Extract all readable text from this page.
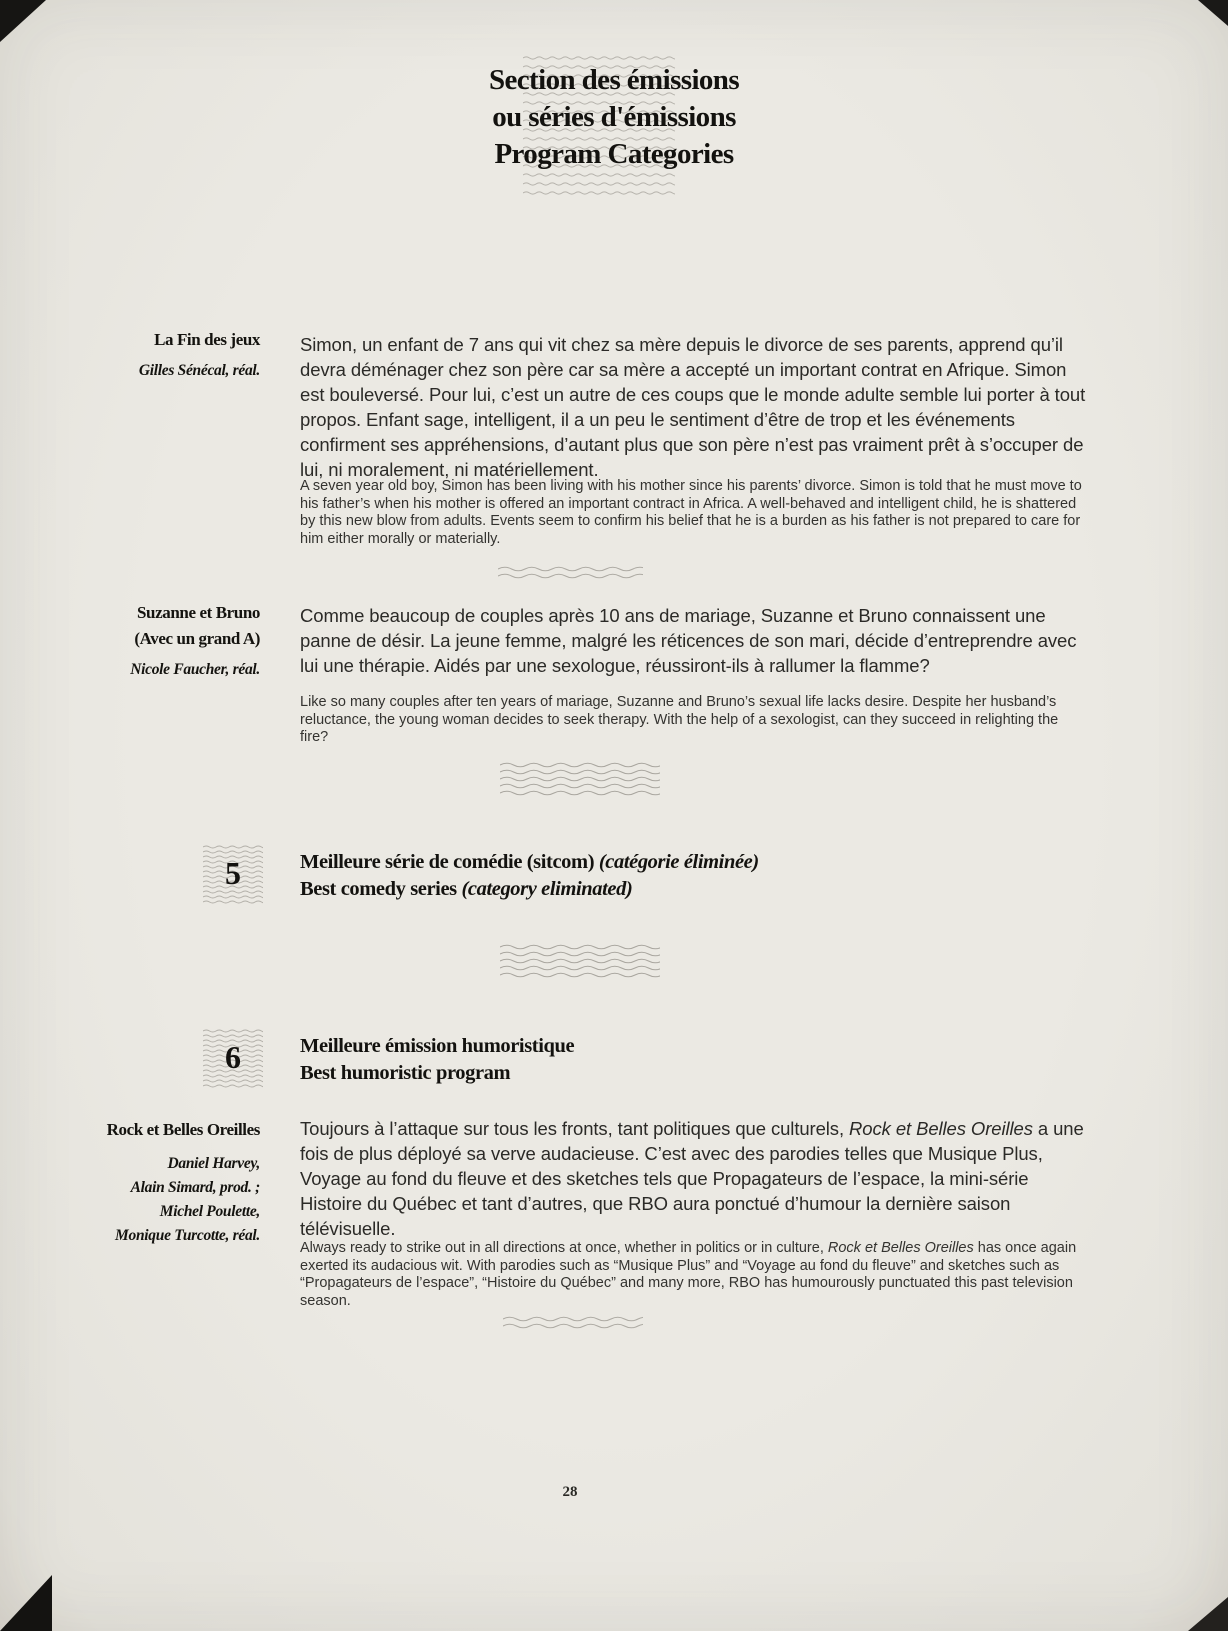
Section des émissions
ou séries d'émissions
Program Categories
La Fin des jeux
Gilles Sénécal, réal.

Simon, un enfant de 7 ans qui vit chez sa mère depuis le divorce de ses parents, apprend qu’il devra déménager chez son père car sa mère a accepté un important contrat en Afrique. Simon est bouleversé. Pour lui, c’est un autre de ces coups que le monde adulte semble lui porter à tout propos. Enfant sage, intelligent, il a un peu le sentiment d’être de trop et les événements confirment ses appréhensions, d’autant plus que son père n’est pas vraiment prêt à s’occuper de lui, ni moralement, ni matériellement.

A seven year old boy, Simon has been living with his mother since his parents’ divorce. Simon is told that he must move to his father’s when his mother is offered an important contract in Africa. A well-behaved and intelligent child, he is shattered by this new blow from adults. Events seem to confirm his belief that he is a burden as his father is not prepared to care for him either morally or materially.

Suzanne et Bruno
(Avec un grand A)
Nicole Faucher, réal.

Comme beaucoup de couples après 10 ans de mariage, Suzanne et Bruno connaissent une panne de désir. La jeune femme, malgré les réticences de son mari, décide d’entreprendre avec lui une thérapie. Aidés par une sexologue, réussiront-ils à rallumer la flamme?

Like so many couples after ten years of mariage, Suzanne and Bruno’s sexual life lacks desire. Despite her husband’s reluctance, the young woman decides to seek therapy. With the help of a sexologist, can they succeed in relighting the fire?

5	Meilleure série de comédie (sitcom) (catégorie éliminée)
Best comedy series (category eliminated)
6	Meilleure émission humoristique
Best humoristic program
Rock et Belles Oreilles
Daniel Harvey,
Alain Simard, prod. ;
Michel Poulette,
Monique Turcotte, réal.

Toujours à l’attaque sur tous les fronts, tant politiques que culturels, Rock et Belles Oreilles a une fois de plus déployé sa verve audacieuse. C’est avec des parodies telles que Musique Plus, Voyage au fond du fleuve et des sketches tels que Propagateurs de l’espace, la mini-série Histoire du Québec et tant d’autres, que RBO aura ponctué d’humour la dernière saison télévisuelle.

Always ready to strike out in all directions at once, whether in politics or in culture, Rock et Belles Oreilles has once again exerted its audacious wit. With parodies such as “Musique Plus” and “Voyage au fond du fleuve” and sketches such as “Propagateurs de l’espace”, “Histoire du Québec” and many more, RBO has humourously punctuated this past television season.

28
